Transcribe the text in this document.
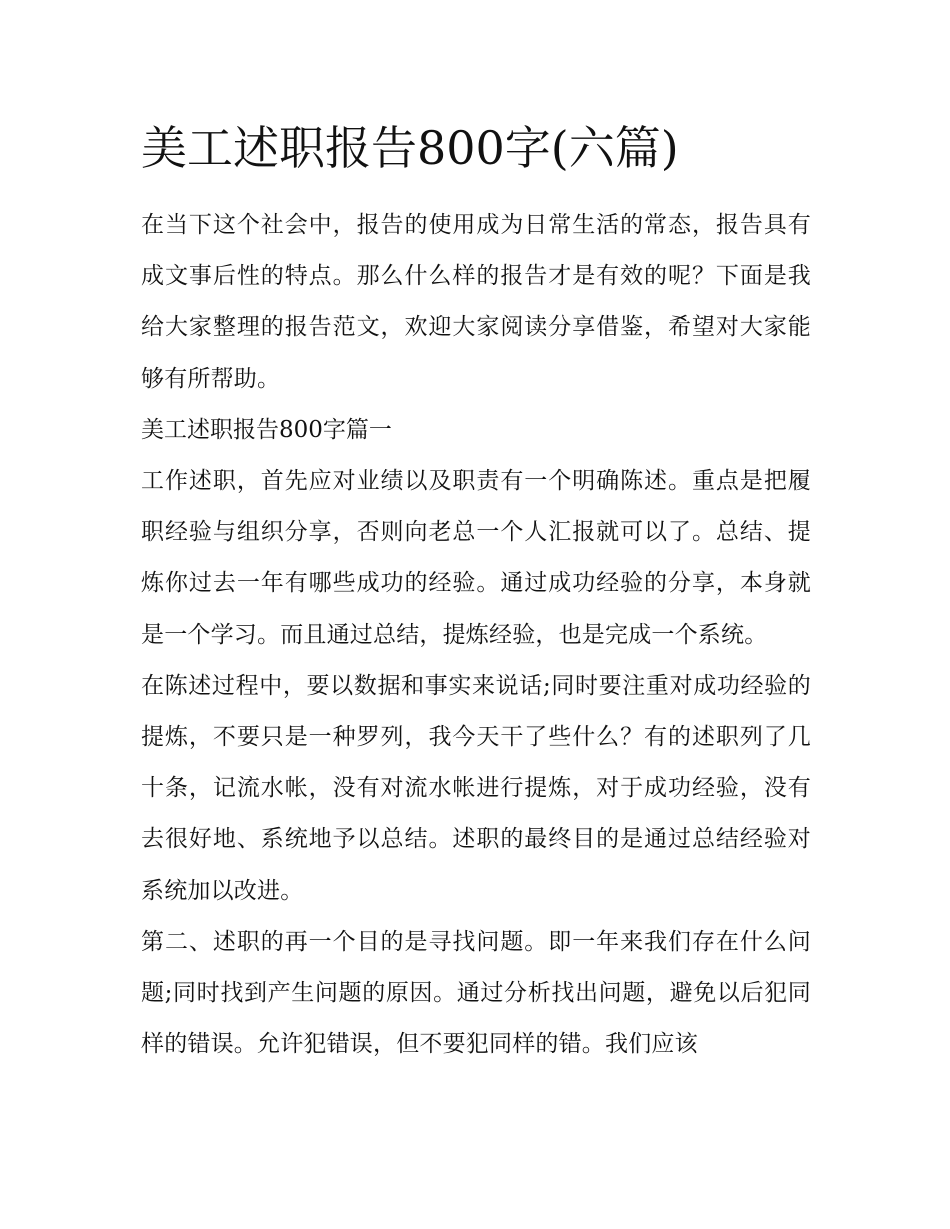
美工述职报告800字(六篇)

在当下这个社会中，报告的使用成为日常生活的常态，报告具有成文事后性的特点。那么什么样的报告才是有效的呢？下面是我给大家整理的报告范文，欢迎大家阅读分享借鉴，希望对大家能够有所帮助。

美工述职报告800字篇一

工作述职，首先应对业绩以及职责有一个明确陈述。重点是把履职经验与组织分享，否则向老总一个人汇报就可以了。总结、提炼你过去一年有哪些成功的经验。通过成功经验的分享，本身就是一个学习。而且通过总结，提炼经验，也是完成一个系统。

在陈述过程中，要以数据和事实来说话;同时要注重对成功经验的提炼，不要只是一种罗列，我今天干了些什么？有的述职列了几十条，记流水帐，没有对流水帐进行提炼，对于成功经验，没有去很好地、系统地予以总结。述职的最终目的是通过总结经验对系统加以改进。

第二、述职的再一个目的是寻找问题。即一年来我们存在什么问题;同时找到产生问题的原因。通过分析找出问题，避免以后犯同样的错误。允许犯错误，但不要犯同样的错。我们应该
